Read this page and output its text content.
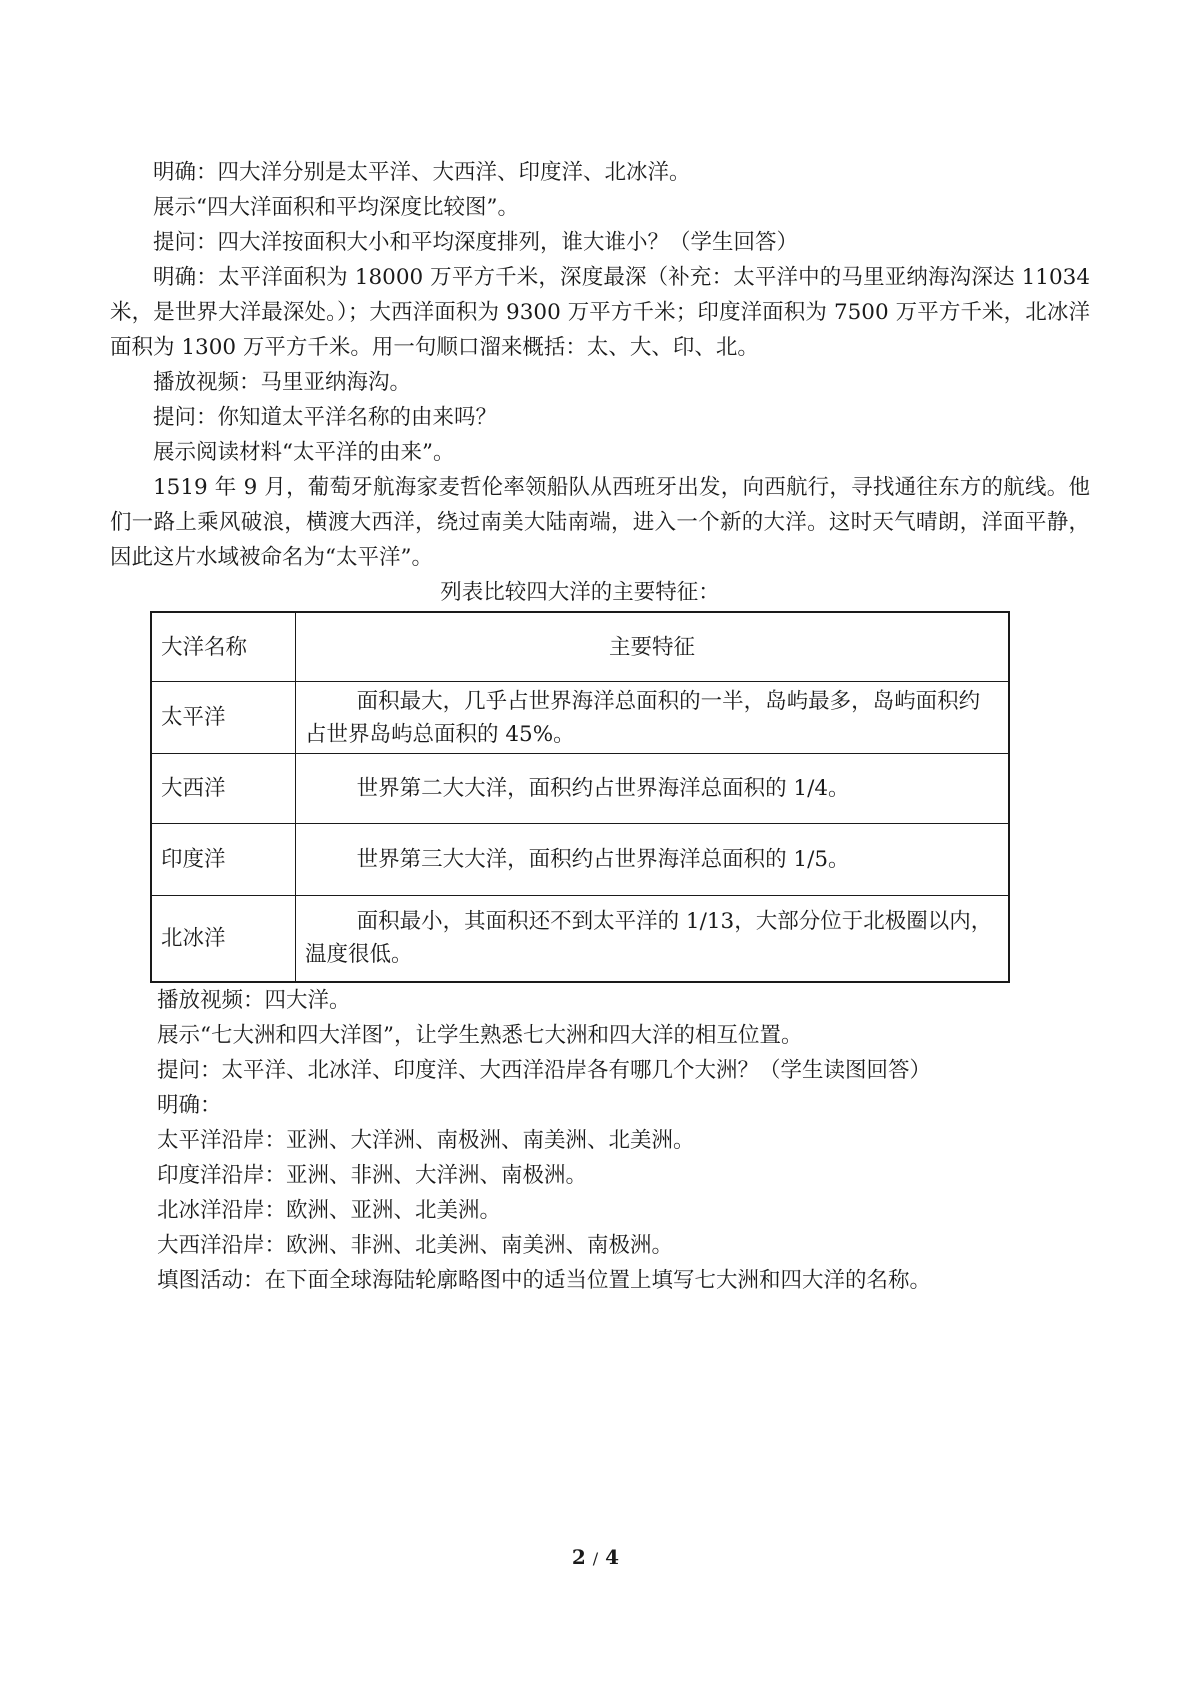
明确：四大洋分别是太平洋、大西洋、印度洋、北冰洋。

展示“四大洋面积和平均深度比较图”。

提问：四大洋按面积大小和平均深度排列，谁大谁小？（学生回答）

明确：太平洋面积为 18000 万平方千米，深度最深（补充：太平洋中的马里亚纳海沟深达 11034 米，是世界大洋最深处。）；大西洋面积为 9300 万平方千米；印度洋面积为 7500 万平方千米，北冰洋面积为 1300 万平方千米。用一句顺口溜来概括：太、大、印、北。

播放视频：马里亚纳海沟。

提问：你知道太平洋名称的由来吗？

展示阅读材料“太平洋的由来”。

1519 年 9 月，葡萄牙航海家麦哲伦率领船队从西班牙出发，向西航行，寻找通往东方的航线。他们一路上乘风破浪，横渡大西洋，绕过南美大陆南端，进入一个新的大洋。这时天气晴朗，洋面平静，因此这片水域被命名为“太平洋”。

列表比较四大洋的主要特征：

大洋名称	主要特征
太平洋	面积最大，几乎占世界海洋总面积的一半，岛屿最多，岛屿面积约占世界岛屿总面积的 45%。
大西洋	世界第二大大洋，面积约占世界海洋总面积的 1/4。
印度洋	世界第三大大洋，面积约占世界海洋总面积的 1/5。
北冰洋	面积最小，其面积还不到太平洋的 1/13，大部分位于北极圈以内，温度很低。

播放视频：四大洋。

展示“七大洲和四大洋图”，让学生熟悉七大洲和四大洋的相互位置。

提问：太平洋、北冰洋、印度洋、大西洋沿岸各有哪几个大洲？（学生读图回答）

明确：

太平洋沿岸：亚洲、大洋洲、南极洲、南美洲、北美洲。

印度洋沿岸：亚洲、非洲、大洋洲、南极洲。

北冰洋沿岸：欧洲、亚洲、北美洲。

大西洋沿岸：欧洲、非洲、北美洲、南美洲、南极洲。

填图活动：在下面全球海陆轮廓略图中的适当位置上填写七大洲和四大洋的名称。

2 / 4
